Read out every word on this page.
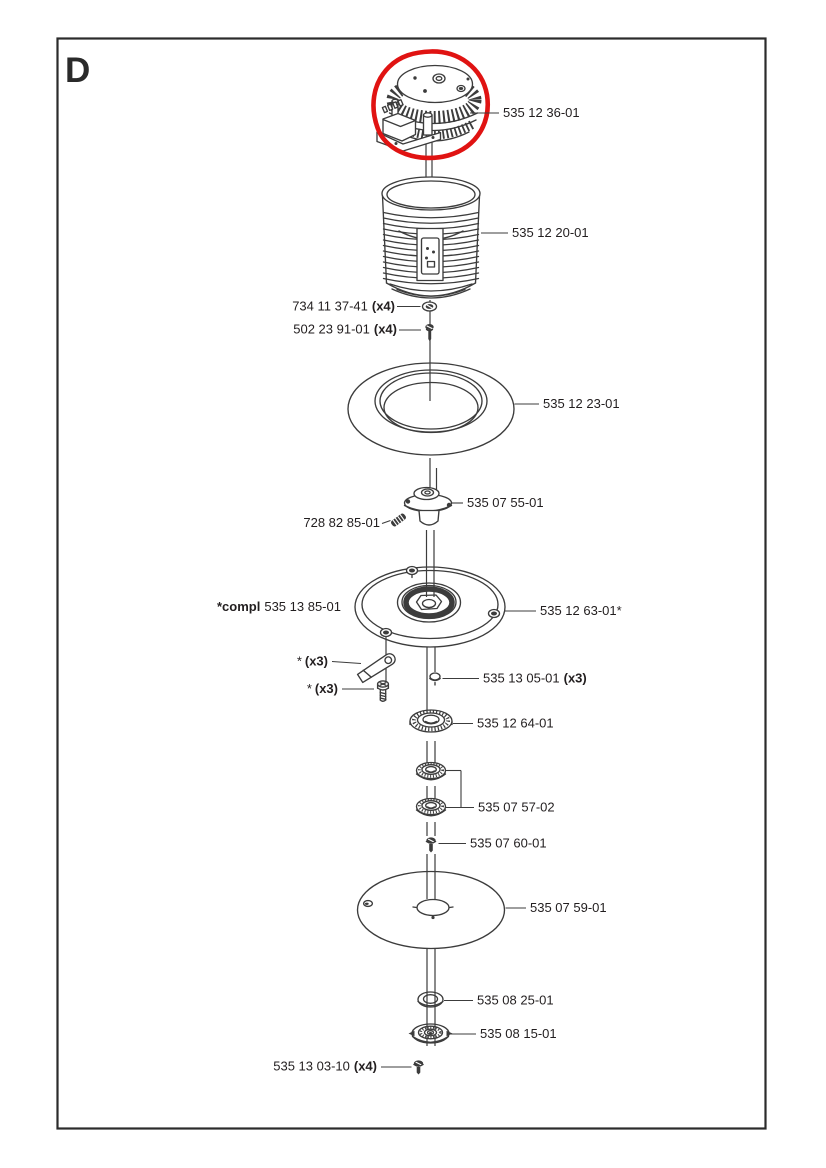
D
535 12 36-01
535 12 20-01
734 11 37-41 (x4)
502 23 91-01 (x4)
535 12 23-01
535 07 55-01
728 82 85-01
*compl 535 13 85-01	535 12 63-01*
* (x3)
* (x3)
535 13 05-01 (x3)
535 12 64-01
535 07 57-02
535 07 60-01
535 07 59-01
535 08 25-01
535 08 15-01
535 13 03-10 (x4)
